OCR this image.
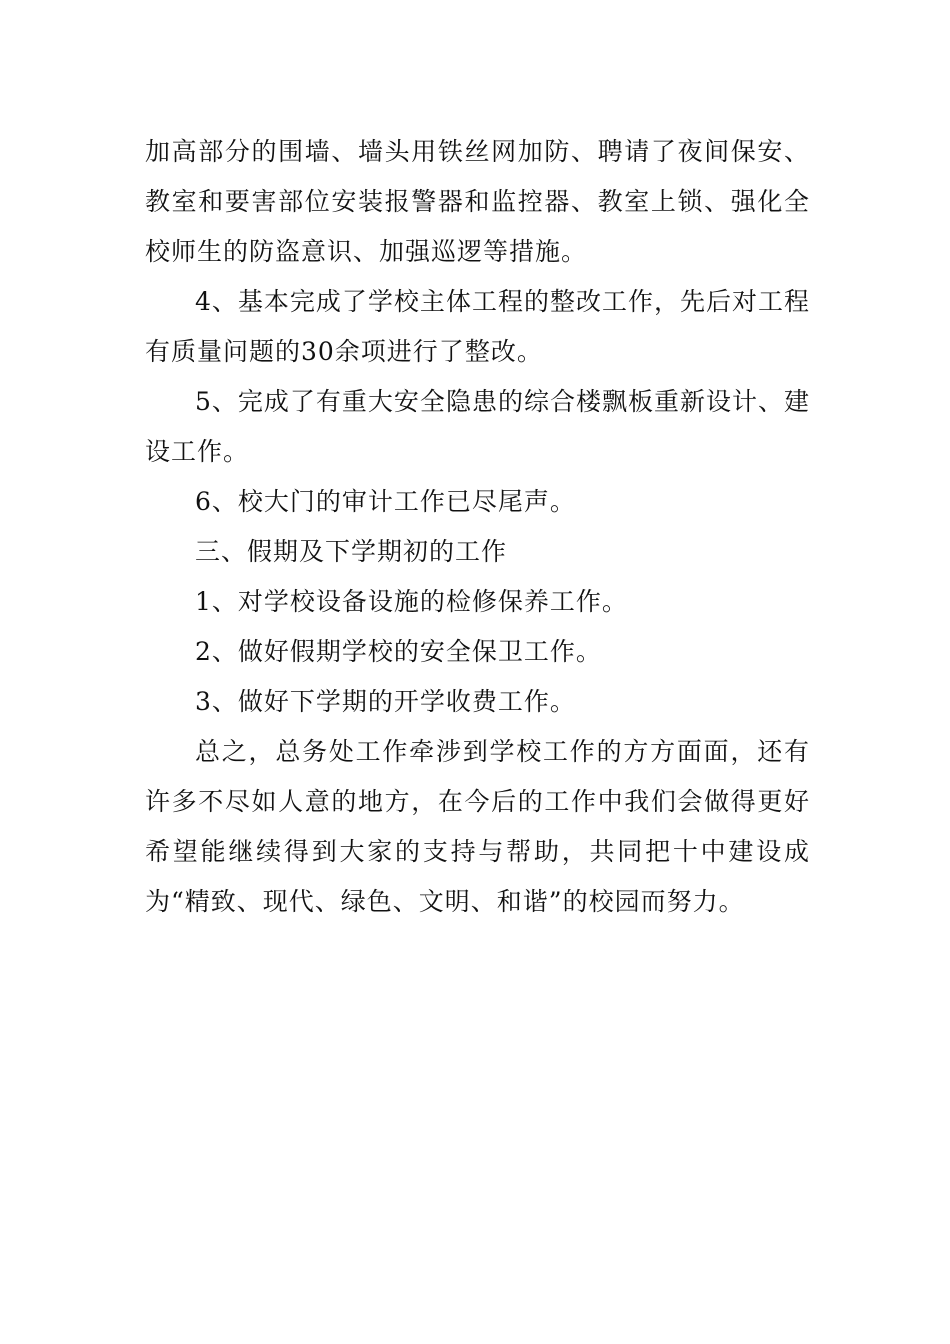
加高部分的围墙、墙头用铁丝网加防、聘请了夜间保安、教室和要害部位安装报警器和监控器、教室上锁、强化全校师生的防盗意识、加强巡逻等措施。

4、基本完成了学校主体工程的整改工作，先后对工程有质量问题的30余项进行了整改。

5、完成了有重大安全隐患的综合楼飘板重新设计、建设工作。

6、校大门的审计工作已尽尾声。

三、假期及下学期初的工作

1、对学校设备设施的检修保养工作。

2、做好假期学校的安全保卫工作。

3、做好下学期的开学收费工作。

总之，总务处工作牵涉到学校工作的方方面面，还有许多不尽如人意的地方，在今后的工作中我们会做得更好希望能继续得到大家的支持与帮助，共同把十中建设成为“精致、现代、绿色、文明、和谐”的校园而努力。
